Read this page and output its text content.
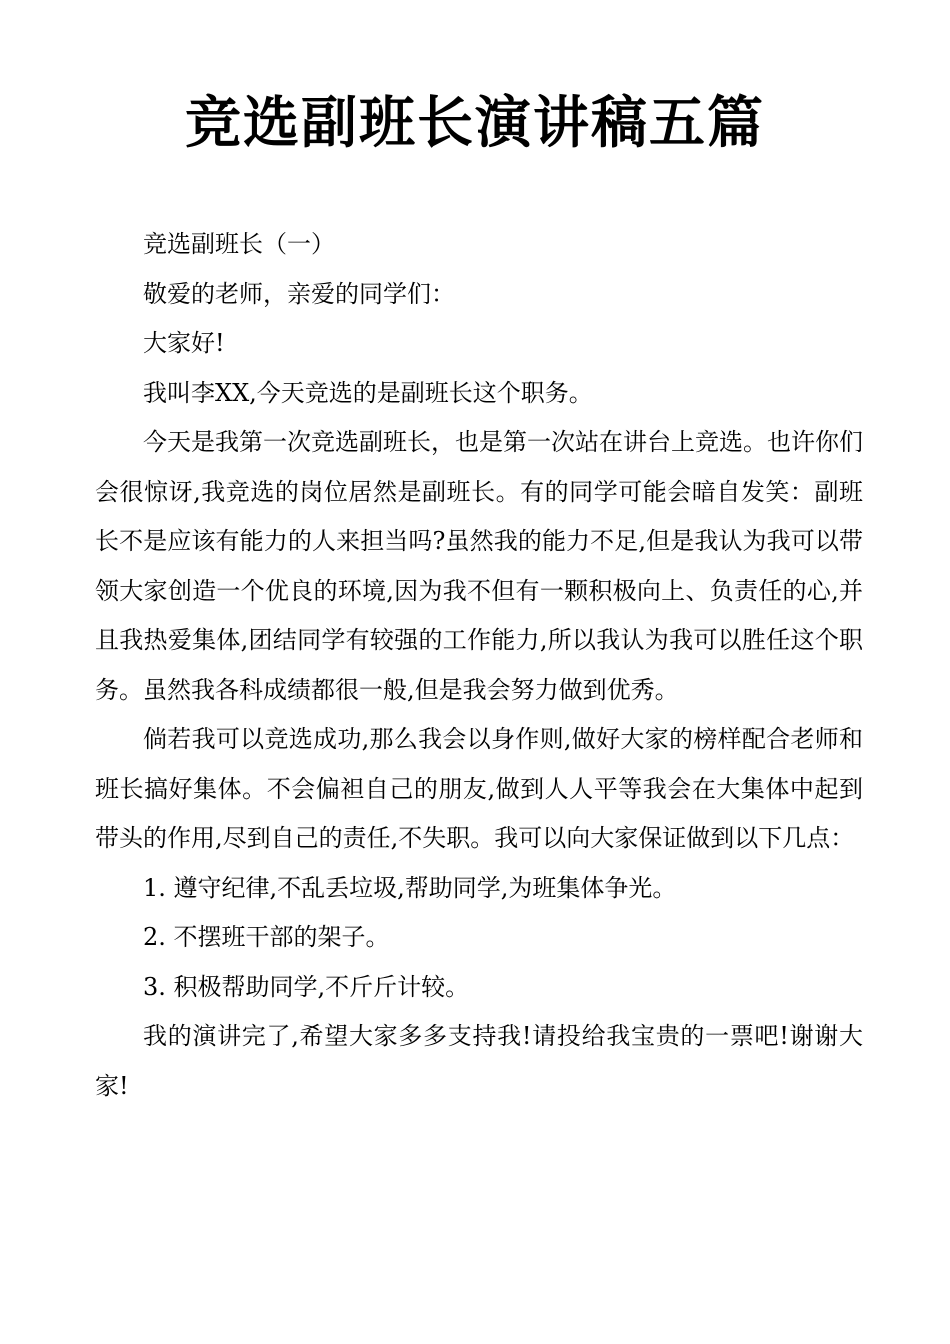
竞选副班长演讲稿五篇

竞选副班长（一）

敬爱的老师，亲爱的同学们：

大家好!

我叫李XX,今天竞选的是副班长这个职务。

今天是我第一次竞选副班长，也是第一次站在讲台上竞选。也许你们会很惊讶,我竞选的岗位居然是副班长。有的同学可能会暗自发笑：副班长不是应该有能力的人来担当吗?虽然我的能力不足,但是我认为我可以带领大家创造一个优良的环境,因为我不但有一颗积极向上、负责任的心,并且我热爱集体,团结同学有较强的工作能力,所以我认为我可以胜任这个职务。虽然我各科成绩都很一般,但是我会努力做到优秀。

倘若我可以竞选成功,那么我会以身作则,做好大家的榜样配合老师和班长搞好集体。不会偏袒自己的朋友,做到人人平等我会在大集体中起到带头的作用,尽到自己的责任,不失职。我可以向大家保证做到以下几点：

1. 遵守纪律,不乱丢垃圾,帮助同学,为班集体争光。

2. 不摆班干部的架子。

3. 积极帮助同学,不斤斤计较。

我的演讲完了,希望大家多多支持我!请投给我宝贵的一票吧!谢谢大家!
